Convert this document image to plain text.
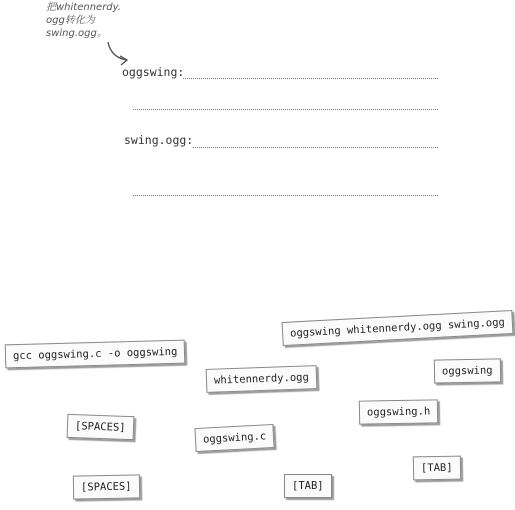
把whitennerdy.
ogg转化为
swing.ogg。
oggswing:
swing.ogg:
gcc oggswing.c -o oggswing
oggswing whitennerdy.ogg swing.ogg
whitennerdy.ogg
oggswing
oggswing.h
[SPACES]
oggswing.c
[TAB]
[SPACES]	[TAB]
